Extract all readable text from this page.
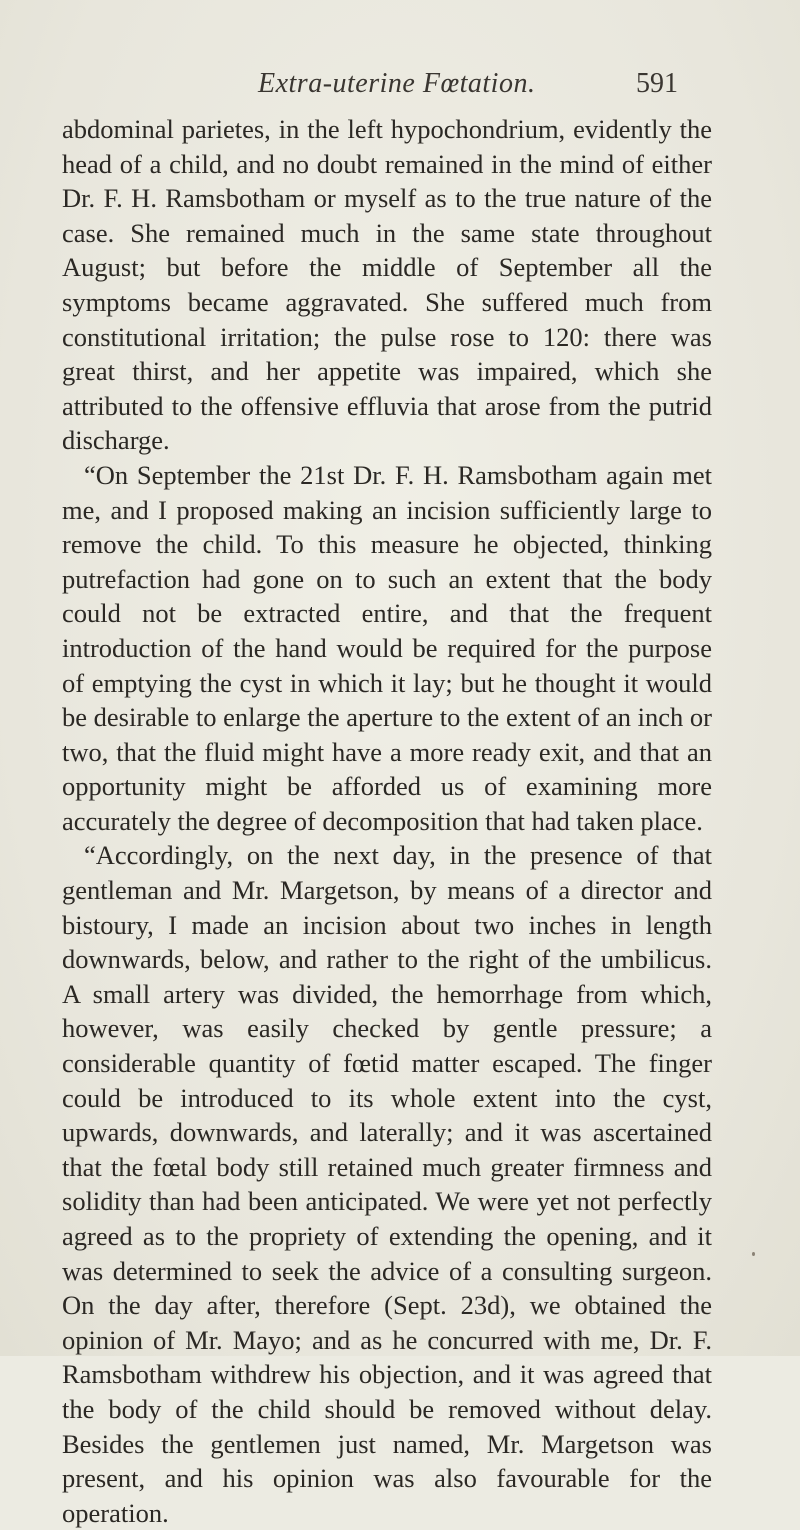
Extra-uterine Fœtation.	591

abdominal parietes, in the left hypochondrium, evidently the head of a child, and no doubt remained in the mind of either Dr. F. H. Ramsbotham or myself as to the true nature of the case. She remained much in the same state throughout August; but before the middle of September all the symptoms became aggravated. She suffered much from constitutional irritation; the pulse rose to 120: there was great thirst, and her appetite was impaired, which she attributed to the offensive effluvia that arose from the putrid discharge.

“On September the 21st Dr. F. H. Ramsbotham again met me, and I proposed making an incision sufficiently large to remove the child. To this measure he objected, thinking putrefaction had gone on to such an extent that the body could not be extracted entire, and that the frequent introduction of the hand would be required for the purpose of emptying the cyst in which it lay; but he thought it would be desirable to enlarge the aperture to the extent of an inch or two, that the fluid might have a more ready exit, and that an opportunity might be afforded us of examining more accurately the degree of decomposition that had taken place.

“Accordingly, on the next day, in the presence of that gentleman and Mr. Margetson, by means of a director and bistoury, I made an incision about two inches in length downwards, below, and rather to the right of the umbilicus. A small artery was divided, the hemorrhage from which, however, was easily checked by gentle pressure; a considerable quantity of fœtid matter escaped. The finger could be introduced to its whole extent into the cyst, upwards, downwards, and laterally; and it was ascertained that the fœtal body still retained much greater firmness and solidity than had been anticipated. We were yet not perfectly agreed as to the propriety of extending the opening, and it was determined to seek the advice of a consulting surgeon. On the day after, therefore (Sept. 23d), we obtained the opinion of Mr. Mayo; and as he concurred with me, Dr. F. Ramsbotham withdrew his objection, and it was agreed that the body of the child should be removed without delay. Besides the gentlemen just named, Mr. Margetson was present, and his opinion was also favourable for the operation.
